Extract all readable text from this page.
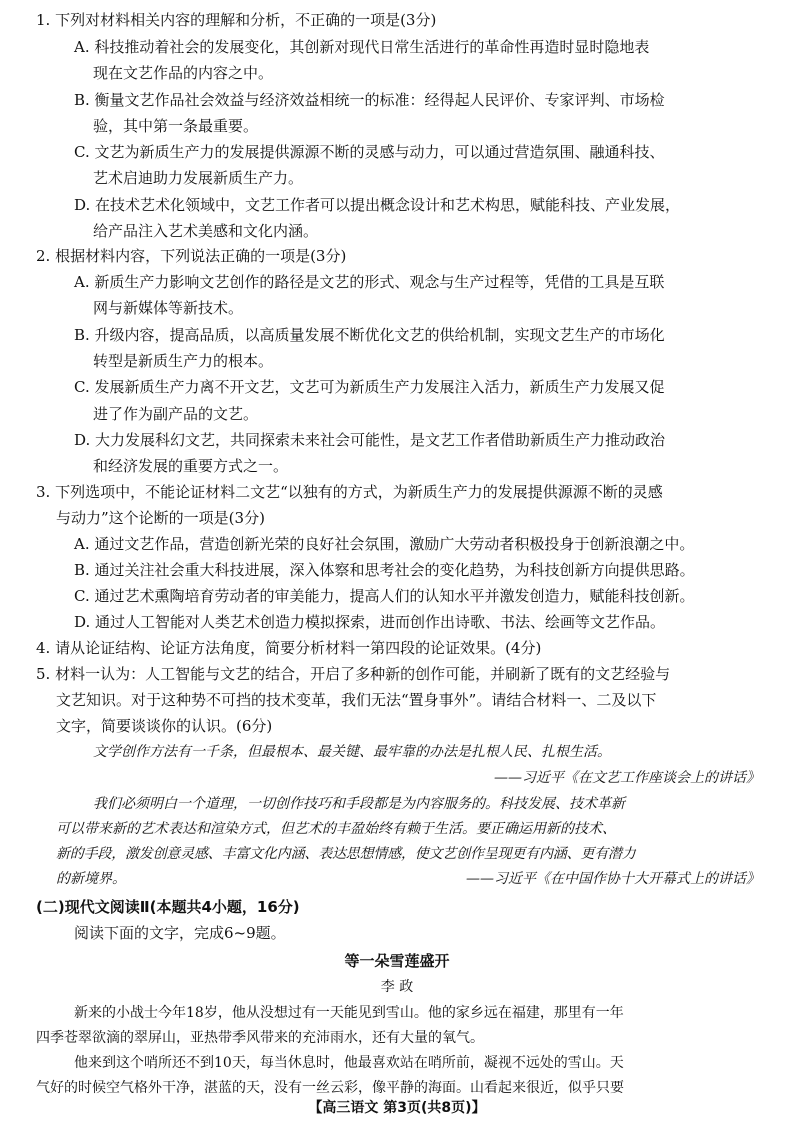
1. 下列对材料相关内容的理解和分析，不正确的一项是(3分)
A. 科技推动着社会的发展变化，其创新对现代日常生活进行的革命性再造时显时隐地表
现在文艺作品的内容之中。
B. 衡量文艺作品社会效益与经济效益相统一的标准：经得起人民评价、专家评判、市场检
验，其中第一条最重要。
C. 文艺为新质生产力的发展提供源源不断的灵感与动力，可以通过营造氛围、融通科技、
艺术启迪助力发展新质生产力。
D. 在技术艺术化领域中，文艺工作者可以提出概念设计和艺术构思，赋能科技、产业发展，
给产品注入艺术美感和文化内涵。
2. 根据材料内容，下列说法正确的一项是(3分)
A. 新质生产力影响文艺创作的路径是文艺的形式、观念与生产过程等，凭借的工具是互联
网与新媒体等新技术。
B. 升级内容，提高品质，以高质量发展不断优化文艺的供给机制，实现文艺生产的市场化
转型是新质生产力的根本。
C. 发展新质生产力离不开文艺，文艺可为新质生产力发展注入活力，新质生产力发展又促
进了作为副产品的文艺。
D. 大力发展科幻文艺，共同探索未来社会可能性，是文艺工作者借助新质生产力推动政治
和经济发展的重要方式之一。
3. 下列选项中，不能论证材料二文艺“以独有的方式，为新质生产力的发展提供源源不断的灵感
与动力”这个论断的一项是(3分)
A. 通过文艺作品，营造创新光荣的良好社会氛围，激励广大劳动者积极投身于创新浪潮之中。
B. 通过关注社会重大科技进展，深入体察和思考社会的变化趋势，为科技创新方向提供思路。
C. 通过艺术熏陶培育劳动者的审美能力，提高人们的认知水平并激发创造力，赋能科技创新。
D. 通过人工智能对人类艺术创造力模拟探索，进而创作出诗歌、书法、绘画等文艺作品。
4. 请从论证结构、论证方法角度，简要分析材料一第四段的论证效果。(4分)
5. 材料一认为：人工智能与文艺的结合，开启了多种新的创作可能，并刷新了既有的文艺经验与
文艺知识。对于这种势不可挡的技术变革，我们无法“置身事外”。请结合材料一、二及以下
文字，简要谈谈你的认识。(6分)
文学创作方法有一千条，但最根本、最关键、最牢靠的办法是扎根人民、扎根生活。
——习近平《在文艺工作座谈会上的讲话》
我们必须明白一个道理，一切创作技巧和手段都是为内容服务的。科技发展、技术革新
可以带来新的艺术表达和渲染方式，但艺术的丰盈始终有赖于生活。要正确运用新的技术、
新的手段，激发创意灵感、丰富文化内涵、表达思想情感，使文艺创作呈现更有内涵、更有潜力
的新境界。	——习近平《在中国作协十大开幕式上的讲话》
(二)现代文阅读Ⅱ(本题共4小题，16分)
阅读下面的文字，完成6~9题。
等一朵雪莲盛开
李 政
新来的小战士今年18岁，他从没想过有一天能见到雪山。他的家乡远在福建，那里有一年
四季苍翠欲滴的翠屏山，亚热带季风带来的充沛雨水，还有大量的氧气。
他来到这个哨所还不到10天，每当休息时，他最喜欢站在哨所前，凝视不远处的雪山。天
气好的时候空气格外干净，湛蓝的天，没有一丝云彩，像平静的海面。山看起来很近，似乎只要
【高三语文 第3页(共8页)】
